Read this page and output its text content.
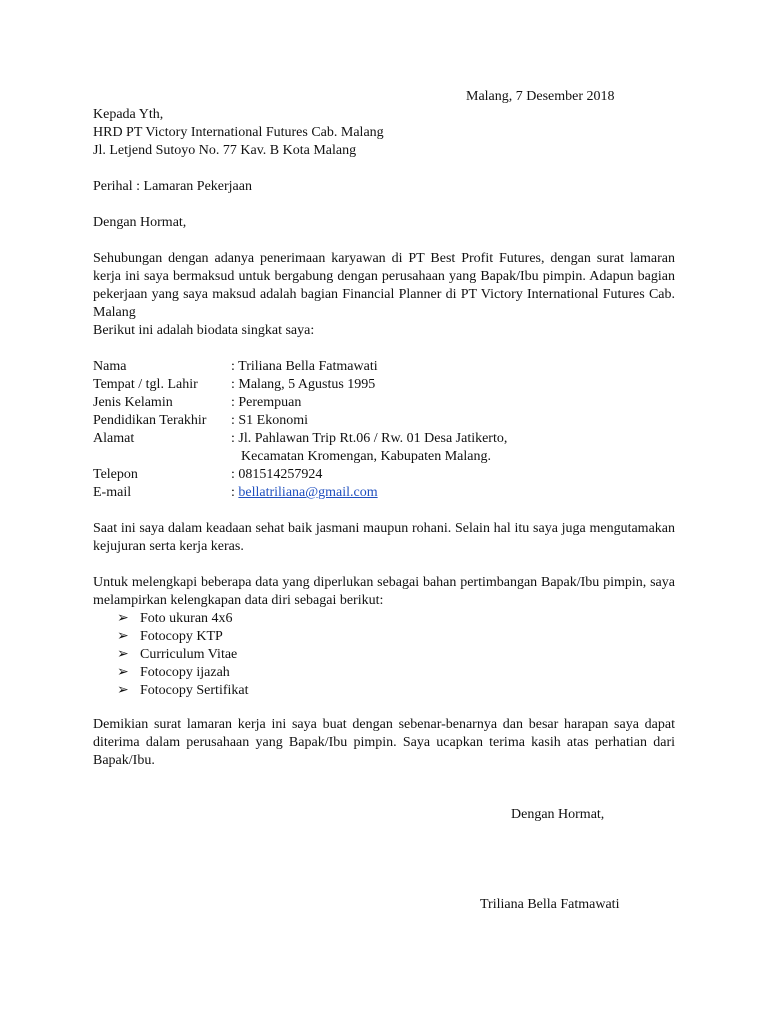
Malang, 7 Desember 2018
Kepada Yth,
HRD PT Victory International Futures Cab. Malang
Jl. Letjend Sutoyo No. 77 Kav. B Kota Malang
Perihal : Lamaran Pekerjaan
Dengan Hormat,
Sehubungan dengan adanya penerimaan karyawan di PT Best Profit Futures, dengan surat lamaran kerja ini saya bermaksud untuk bergabung dengan perusahaan yang Bapak/Ibu pimpin. Adapun bagian pekerjaan yang saya maksud adalah bagian Financial Planner di PT Victory International Futures Cab. Malang
Berikut ini adalah biodata singkat saya:
Nama	: Triliana Bella Fatmawati
Tempat / tgl. Lahir : Malang, 5 Agustus 1995
Jenis Kelamin	: Perempuan
Pendidikan Terakhir : S1 Ekonomi
Alamat	: Jl. Pahlawan Trip Rt.06 / Rw. 01 Desa Jatikerto,
Kecamatan Kromengan, Kabupaten Malang.
Telepon	: 081514257924
E-mail	: bellatriliana@gmail.com
Saat ini saya dalam keadaan sehat baik jasmani maupun rohani. Selain hal itu saya juga mengutamakan kejujuran serta kerja keras.
Untuk melengkapi beberapa data yang diperlukan sebagai bahan pertimbangan Bapak/Ibu pimpin, saya melampirkan kelengkapan data diri sebagai berikut:
➢ Foto ukuran 4x6
➢ Fotocopy KTP
➢ Curriculum Vitae
➢ Fotocopy ijazah
➢ Fotocopy Sertifikat
Demikian surat lamaran kerja ini saya buat dengan sebenar-benarnya dan besar harapan saya dapat diterima dalam perusahaan yang Bapak/Ibu pimpin. Saya ucapkan terima kasih atas perhatian dari Bapak/Ibu.
Dengan Hormat,
Triliana Bella Fatmawati
